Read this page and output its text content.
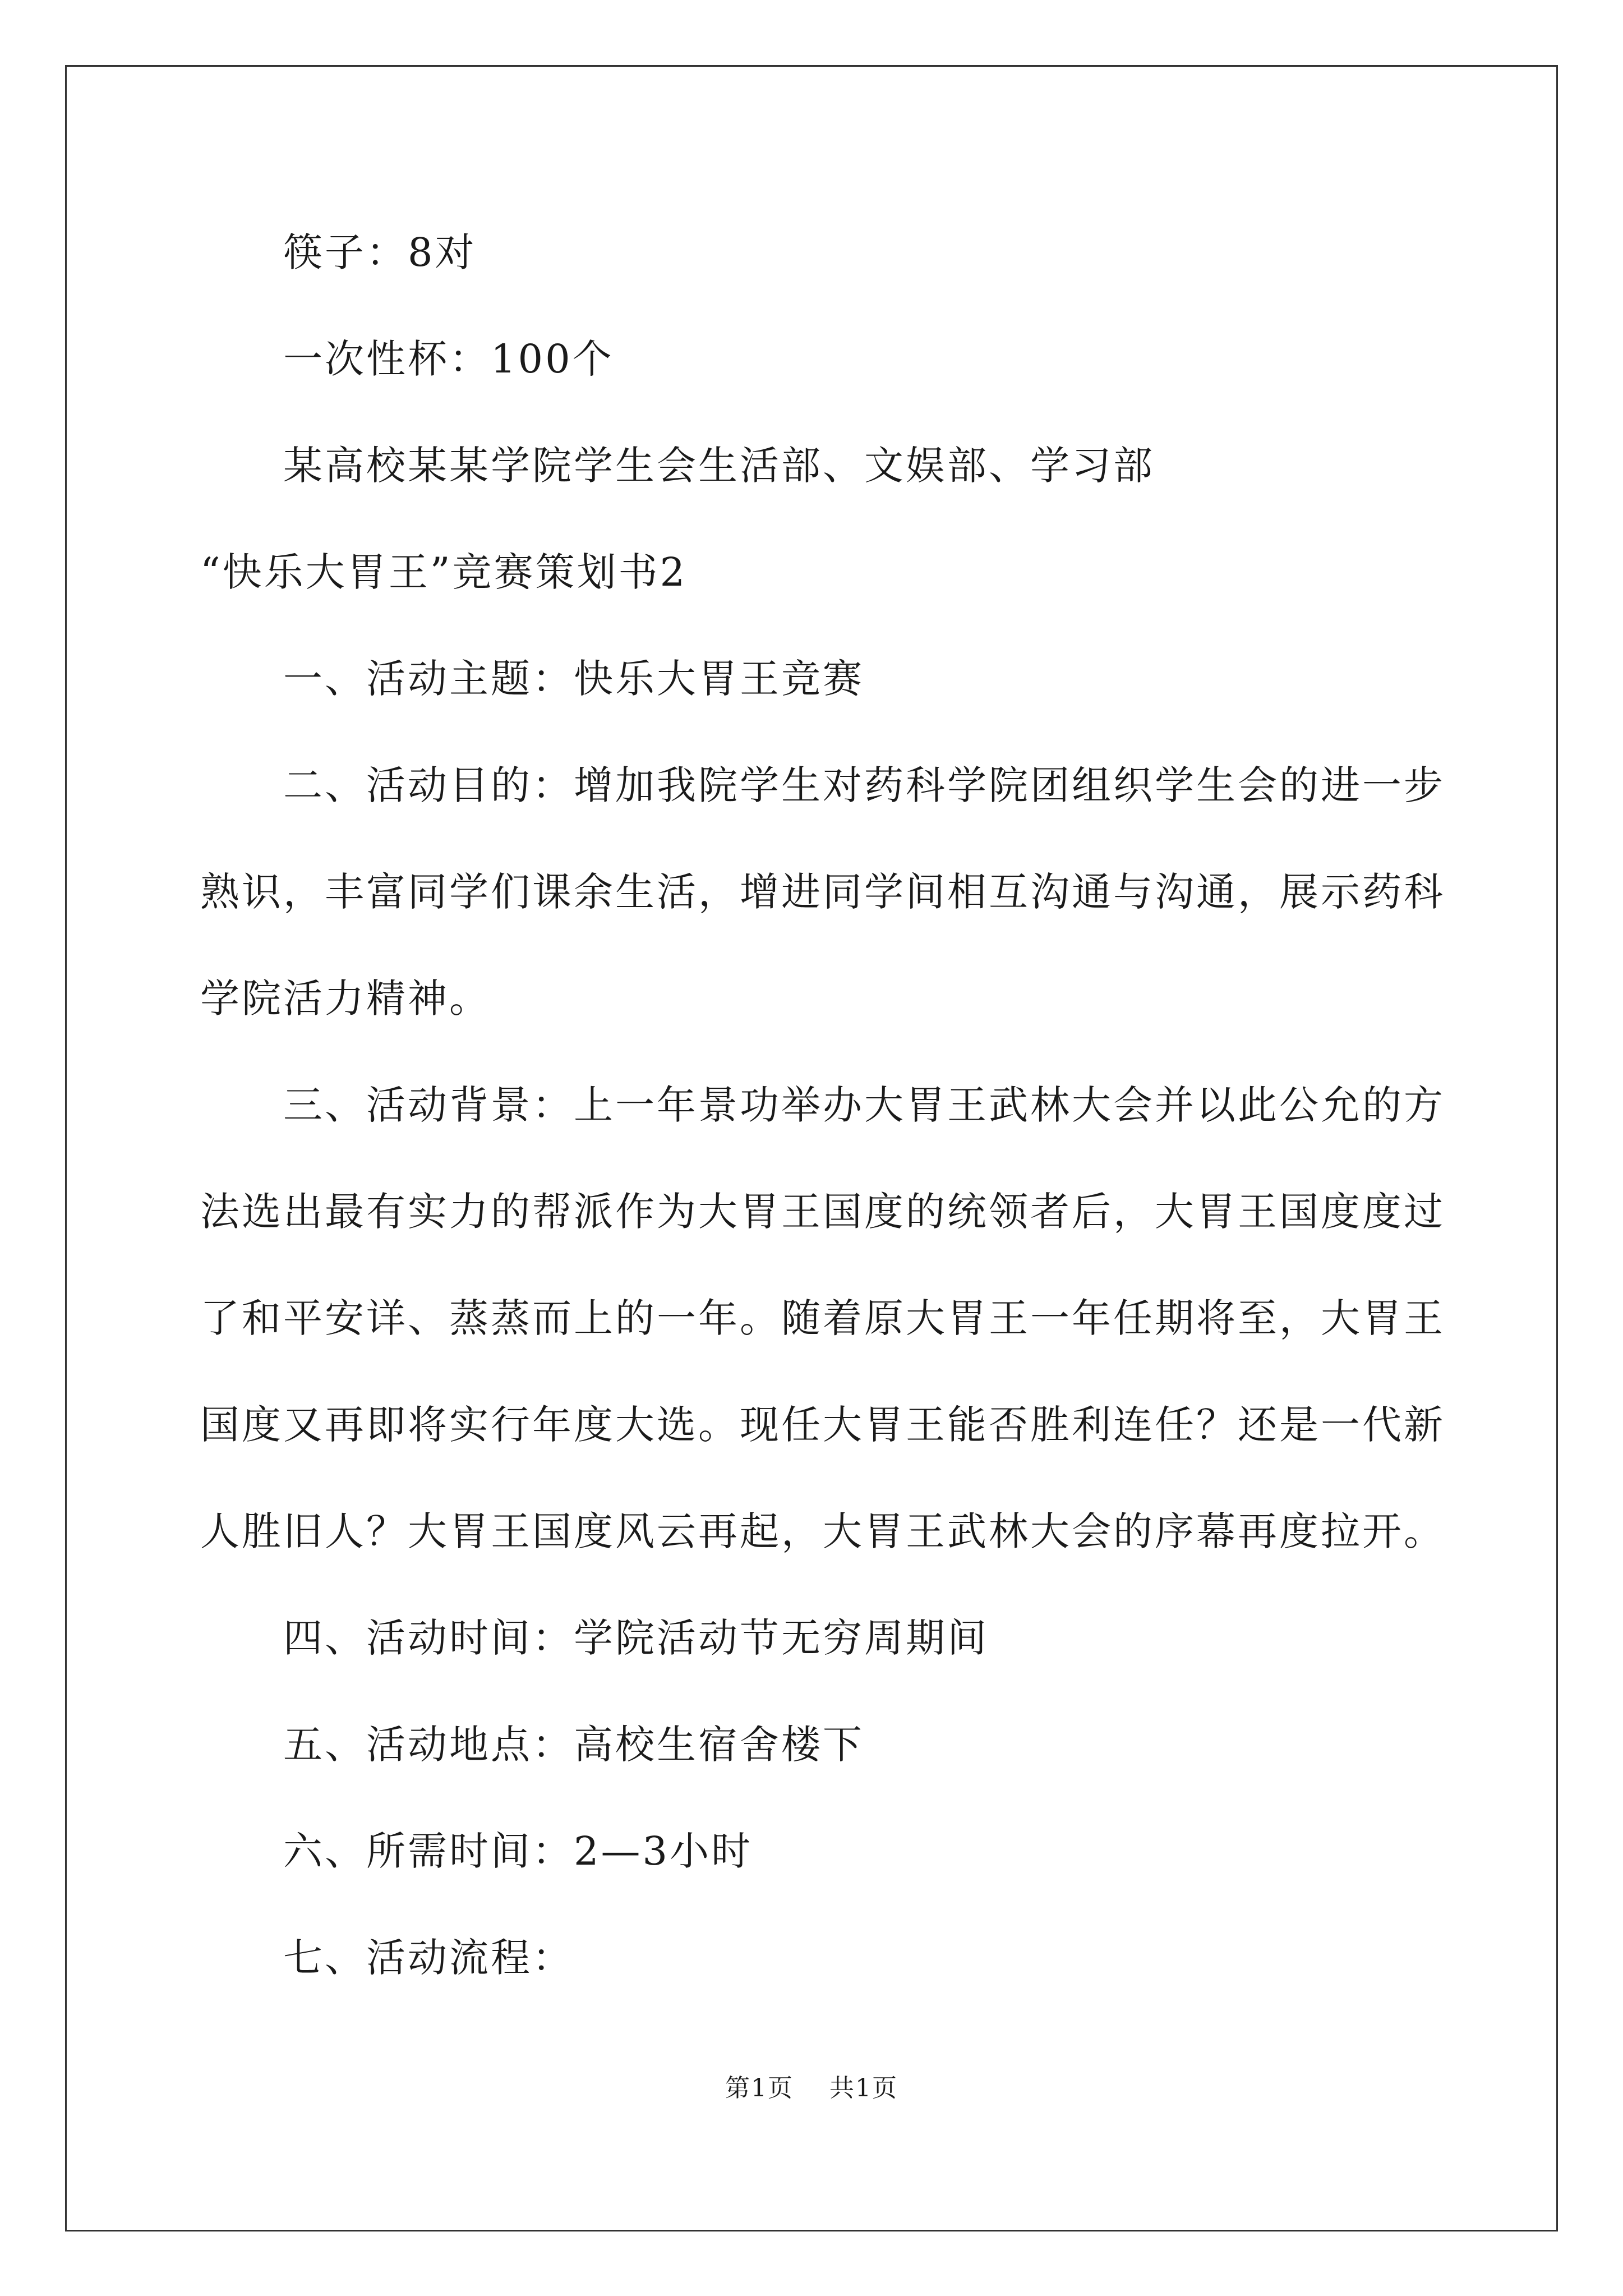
筷子：8对
一次性杯：100个
某高校某某学院学生会生活部、文娱部、学习部
“快乐大胃王”竞赛策划书2
一、活动主题：快乐大胃王竞赛
二、活动目的：增加我院学生对药科学院团组织学生会的进一步
熟识，丰富同学们课余生活，增进同学间相互沟通与沟通，展示药科
学院活力精神。
三、活动背景：上一年景功举办大胃王武林大会并以此公允的方
法选出最有实力的帮派作为大胃王国度的统领者后，大胃王国度度过
了和平安详、蒸蒸而上的一年。随着原大胃王一年任期将至，大胃王
国度又再即将实行年度大选。现任大胃王能否胜利连任？还是一代新
人胜旧人？大胃王国度风云再起，大胃王武林大会的序幕再度拉开。
四、活动时间：学院活动节无穷周期间
五、活动地点：高校生宿舍楼下
六、所需时间：2—3小时
七、活动流程：
第1页 共1页
